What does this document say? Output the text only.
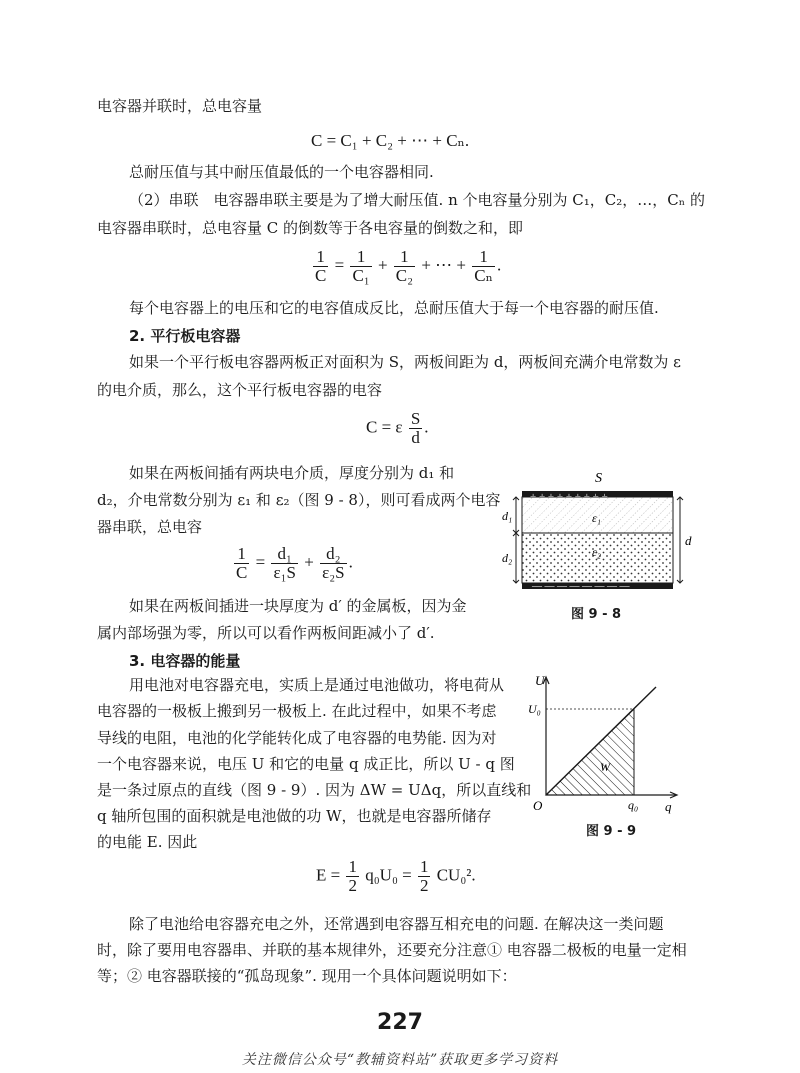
电容器并联时，总电容量
C = C₁ + C₂ + ⋯ + Cₙ.
总耐压值与其中耐压值最低的一个电容器相同.
（2）串联　电容器串联主要是为了增大耐压值. n 个电容量分别为 C₁，C₂，…，Cₙ 的
电容器串联时，总电容量 C 的倒数等于各电容量的倒数之和，即
$\frac{1}{C} = \frac{1}{\text{C₁}} + \frac{1}{\text{C₂}}$ + ⋯ + $\frac{1}{\text{Cₙ}}$ .
每个电容器上的电压和它的电容值成反比，总耐压值大于每一个电容器的耐压值.
2. 平行板电容器
如果一个平行板电容器两板正对面积为 S，两板间距为 d，两板间充满介电常数为 ε
的电介质，那么，这个平行板电容器的电容
C = ε $\frac{S}{d}$ .
如果在两板间插有两块电介质，厚度分别为 d₁ 和
d₂，介电常数分别为 ε₁ 和 ε₂（图 9 - 8），则可看成两个电容
器串联，总电容
$\frac{1}{C} = \frac{\text{d₁}}{\text{ε₁S}} + \frac{\text{d₂}}{\text{ε₂S}}$ .
如果在两板间插进一块厚度为 d′ 的金属板，因为金
属内部场强为零，所以可以看作两板间距减小了 d′.
3. 电容器的能量
用电池对电容器充电，实质上是通过电池做功，将电荷从
电容器的一极板上搬到另一极板上. 在此过程中，如果不考虑
导线的电阻，电池的化学能转化成了电容器的电势能. 因为对
一个电容器来说，电压 U 和它的电量 q 成正比，所以 U - q 图
是一条过原点的直线（图 9 - 9）. 因为 ΔW = UΔq，所以直线和
q 轴所包围的面积就是电池做的功 W，也就是电容器所储存
的电能 E. 因此
$E = \frac{1}{2} q_0U_0 = \frac{1}{2} CU_0^2$.
除了电池给电容器充电之外，还常遇到电容器互相充电的问题. 在解决这一类问题
时，除了要用电容器串、并联的基本规律外，还要充分注意① 电容器二极板的电量一定相
等；② 电容器联接的“孤岛现象”. 现用一个具体问题说明如下：
S
— — — — — — — —
ε₁
ε₂
d₁
d₂
d
图 9 - 8
U
q
U₀
q₀
O
W
图 9 - 9
227
关注微信公众号“教辅资料站”获取更多学习资料
